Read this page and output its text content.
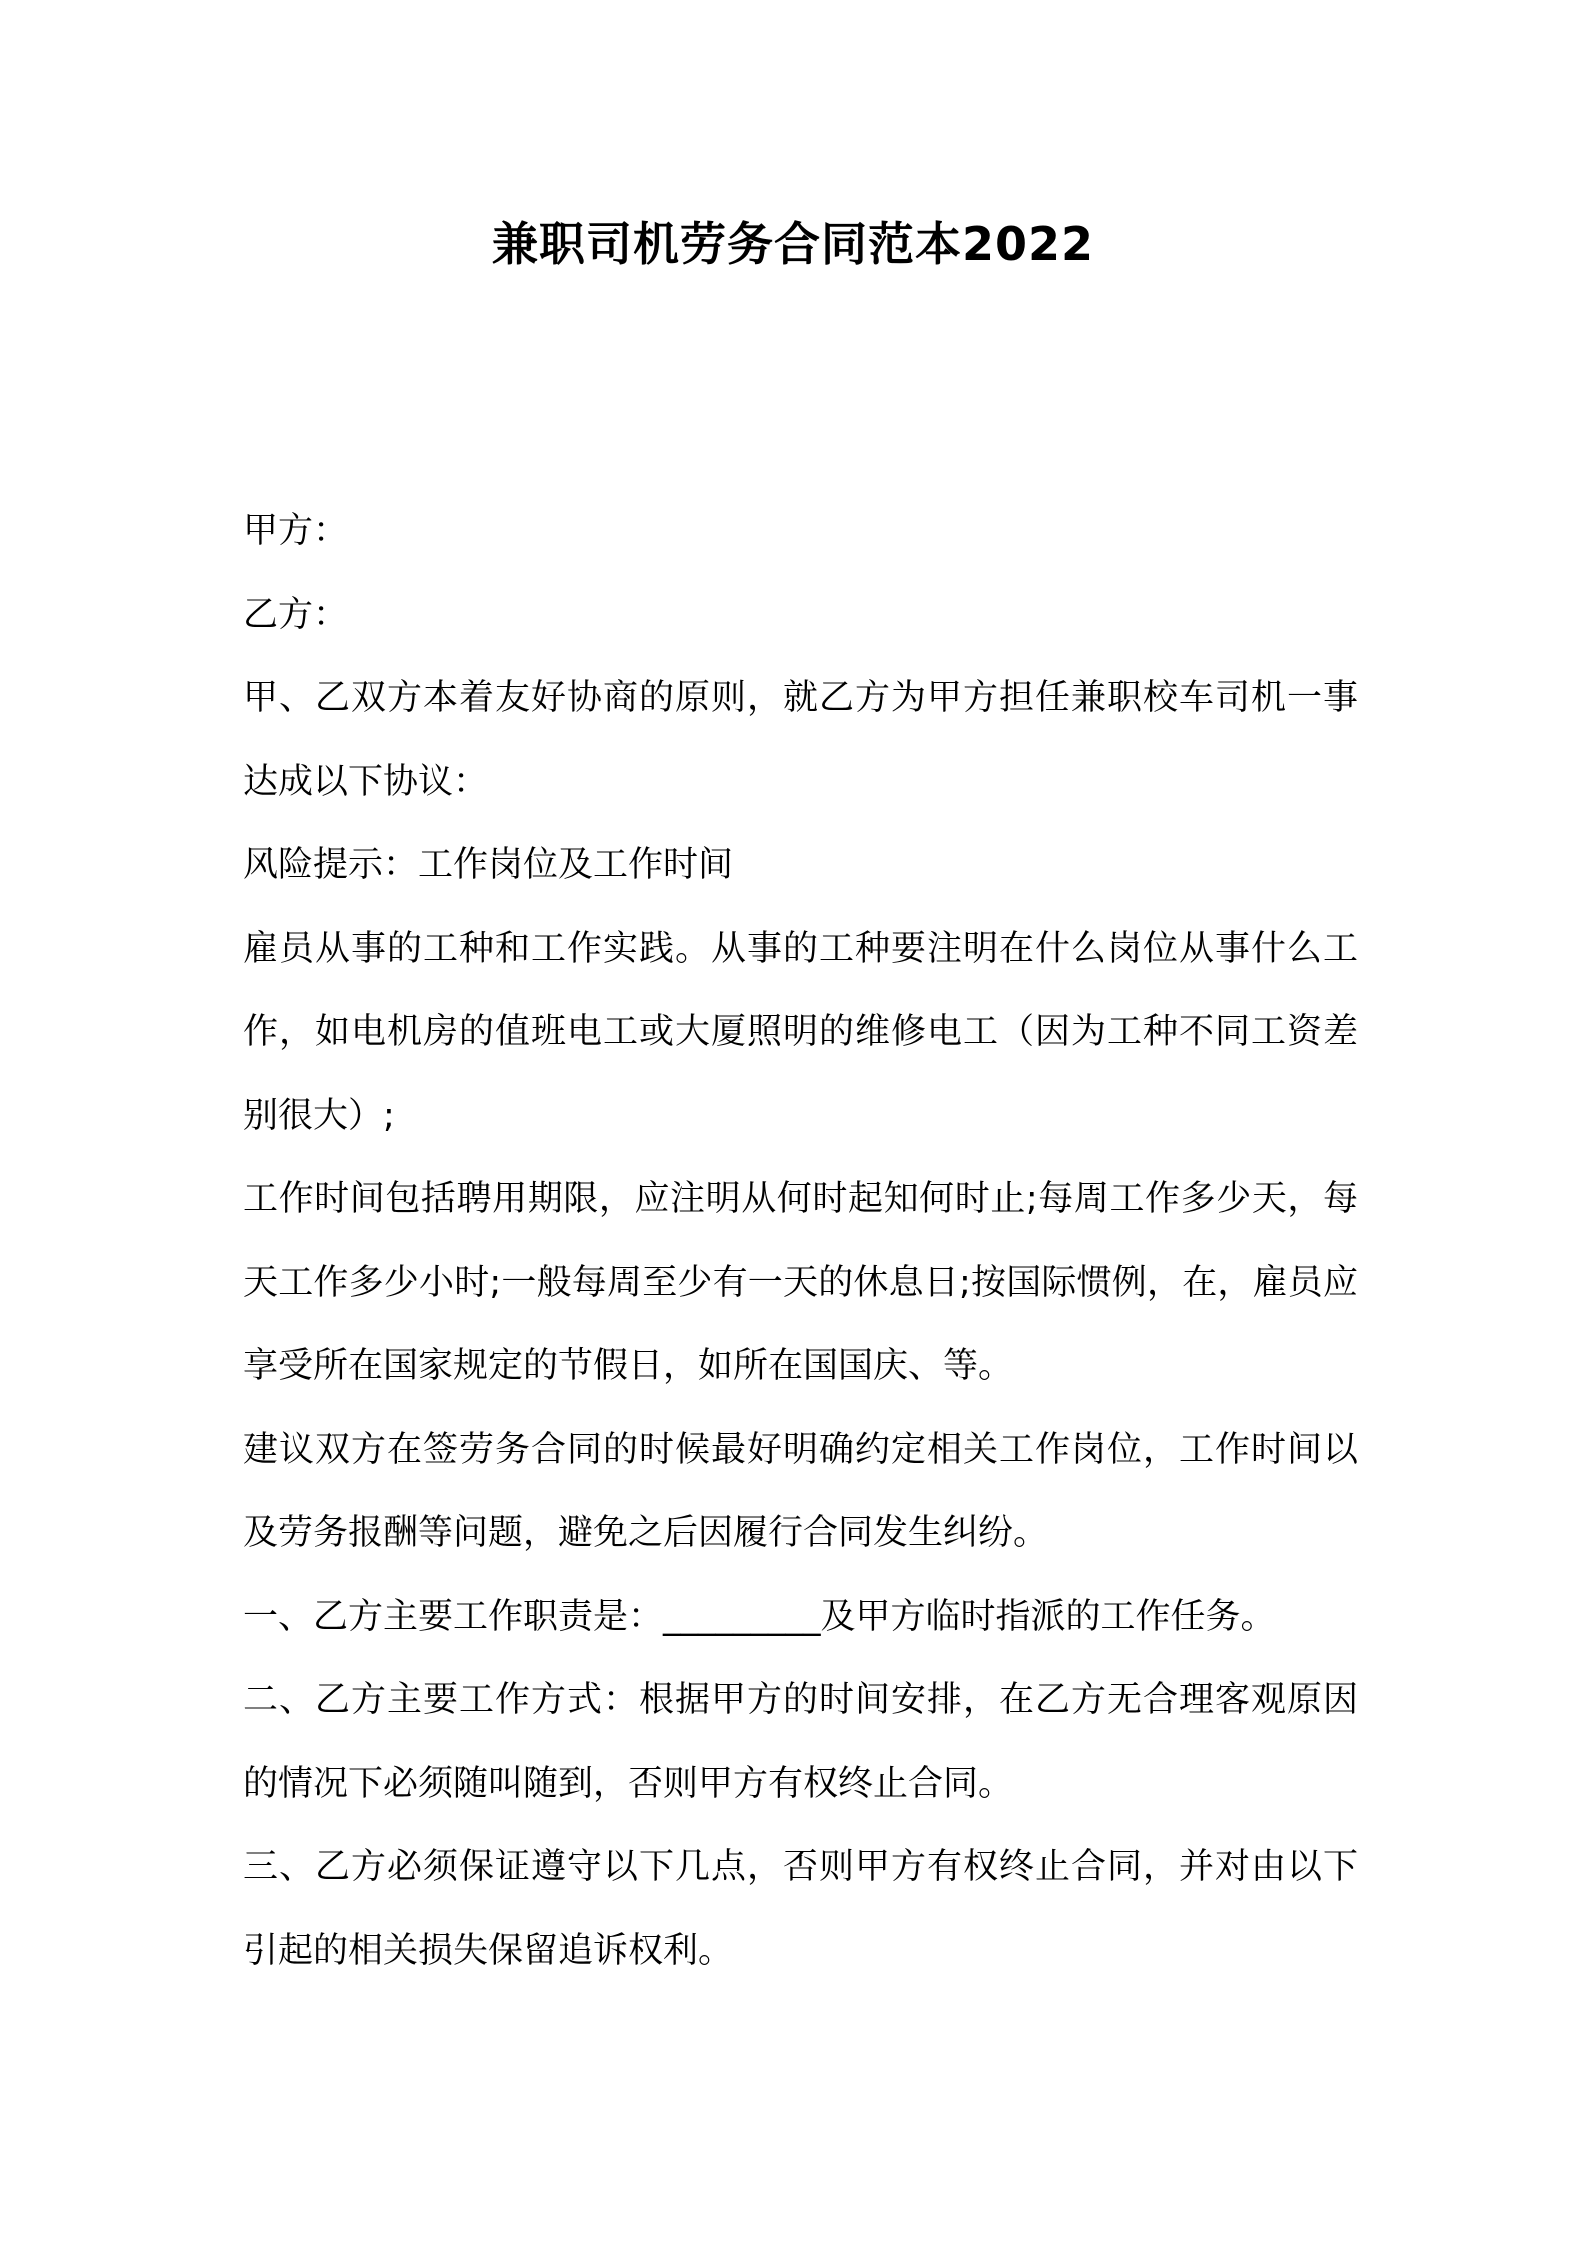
兼职司机劳务合同范本2022

甲方：

乙方：

甲、乙双方本着友好协商的原则，就乙方为甲方担任兼职校车司机一事达成以下协议：

风险提示：工作岗位及工作时间

雇员从事的工种和工作实践。从事的工种要注明在什么岗位从事什么工作，如电机房的值班电工或大厦照明的维修电工（因为工种不同工资差别很大）;

工作时间包括聘用期限，应注明从何时起知何时止;每周工作多少天，每天工作多少小时;一般每周至少有一天的休息日;按国际惯例，在，雇员应享受所在国家规定的节假日，如所在国国庆、等。

建议双方在签劳务合同的时候最好明确约定相关工作岗位，工作时间以及劳务报酬等问题，避免之后因履行合同发生纠纷。

一、乙方主要工作职责是：_________及甲方临时指派的工作任务。

二、乙方主要工作方式：根据甲方的时间安排，在乙方无合理客观原因的情况下必须随叫随到，否则甲方有权终止合同。

三、乙方必须保证遵守以下几点，否则甲方有权终止合同，并对由以下引起的相关损失保留追诉权利。
